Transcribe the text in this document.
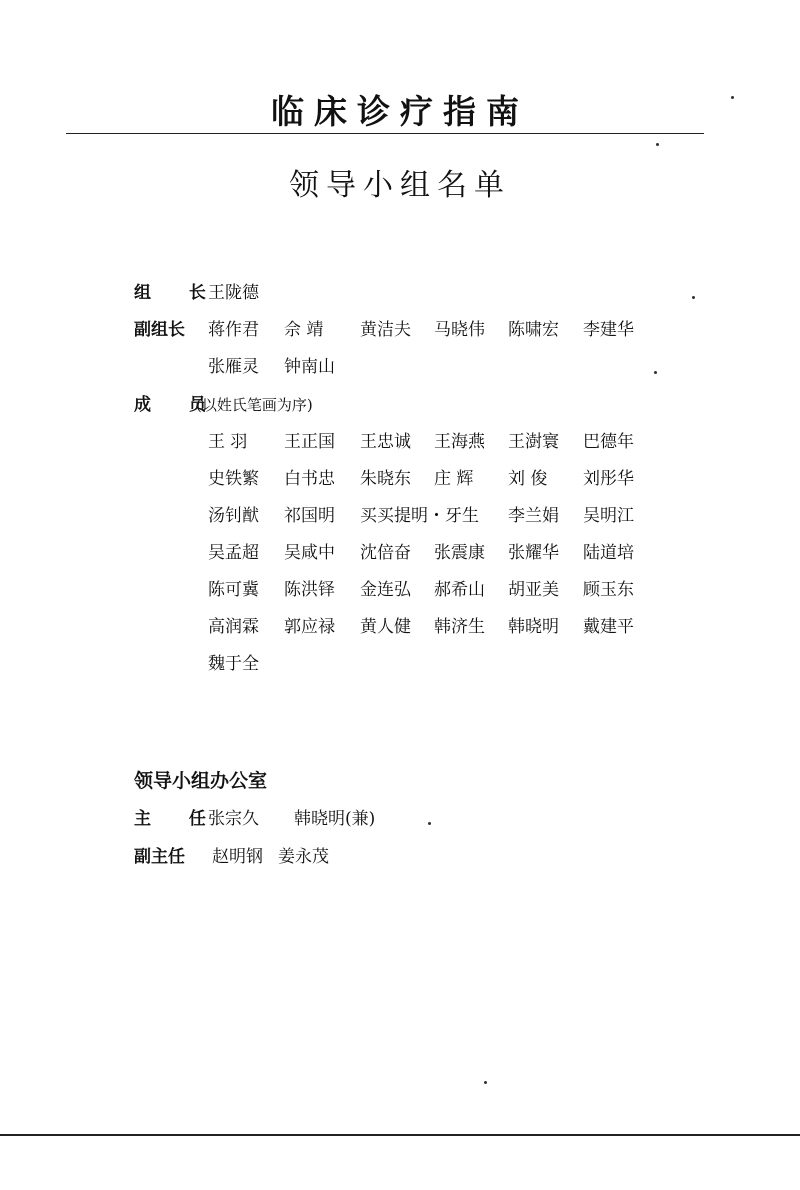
临床诊疗指南
领导小组名单
组 长
王陇德
副组长 蒋作君 佘 靖 黄洁夫 马晓伟 陈啸宏 李建华
张雁灵 钟南山
成 员
(以姓氏笔画为序)
王 羽 王正国 王忠诚 王海燕 王澍寰 巴德年
史铁繁 白书忠 朱晓东 庄 辉 刘 俊 刘彤华
汤钊猷 祁国明 买买提明・牙生 李兰娟 吴明江
吴孟超 吴咸中 沈倍奋 张震康 张耀华 陆道培
陈可冀 陈洪铎 金连弘 郝希山 胡亚美 顾玉东
高润霖 郭应禄 黄人健 韩济生 韩晓明 戴建平
魏于全
领导小组办公室
主 任
张宗久 韩晓明(兼)
副主任 赵明钢 姜永茂
